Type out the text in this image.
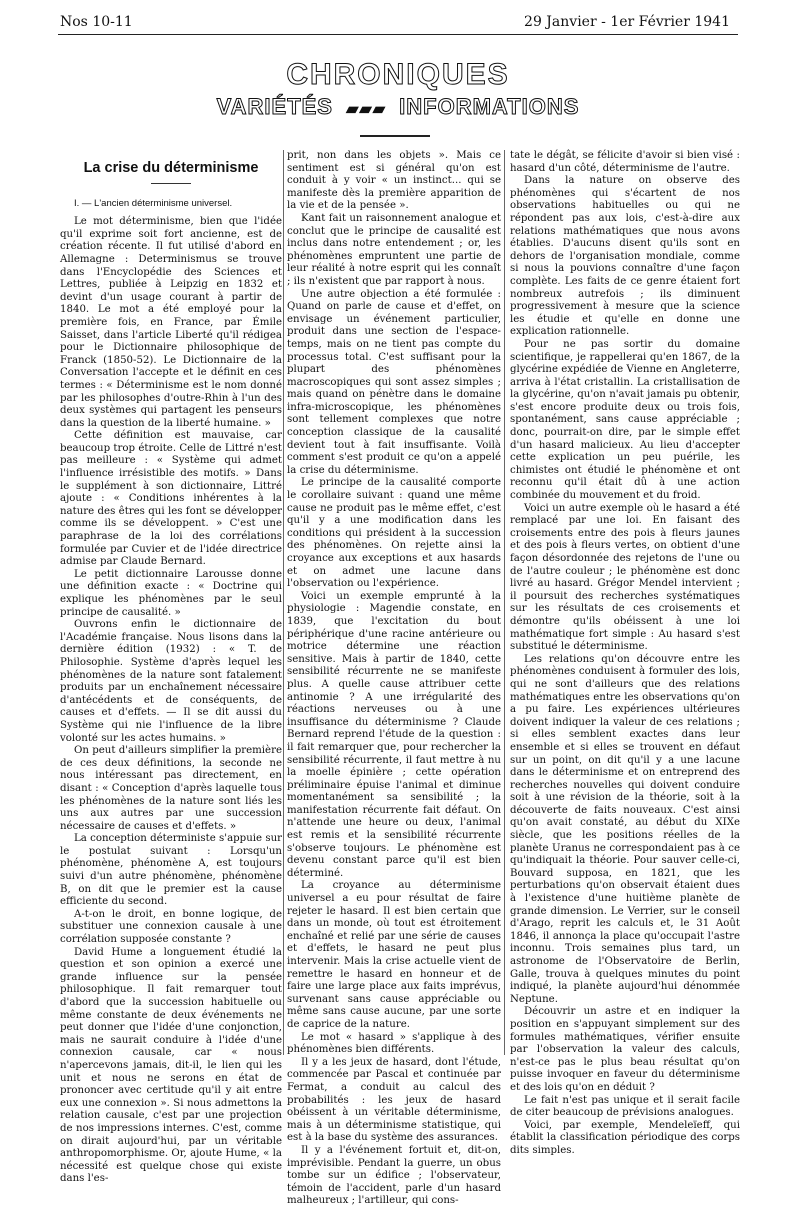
Nos 10-11	29 Janvier - 1er Février 1941
CHRONIQUES
VARIÉTÉS ▰▰▰ INFORMATIONS
La crise du déterminisme
I. — L'ancien déterminisme universel.

Le mot déterminisme, bien que l'idée qu'il exprime soit fort ancienne, est de création récente. Il fut utilisé d'abord en Allemagne : Determinismus se trouve dans l'Encyclopédie des Sciences et Lettres, publiée à Leipzig en 1832 et devint d'un usage courant à partir de 1840. Le mot a été employé pour la première fois, en France, par Émile Saisset, dans l'article Liberté qu'il rédigea pour le Dictionnaire philosophique de Franck (1850-52). Le Dictionnaire de la Conversation l'accepte et le définit en ces termes : « Déterminisme est le nom donné par les philosophes d'outre-Rhin à l'un des deux systèmes qui partagent les penseurs dans la question de la liberté humaine. »

Cette définition est mauvaise, car beaucoup trop étroite. Celle de Littré n'est pas meilleure : « Système qui admet l'influence irrésistible des motifs. » Dans le supplément à son dictionnaire, Littré ajoute : « Conditions inhérentes à la nature des êtres qui les font se développer comme ils se développent. » C'est une paraphrase de la loi des corrélations formulée par Cuvier et de l'idée directrice admise par Claude Bernard.

Le petit dictionnaire Larousse donne une définition exacte : « Doctrine qui explique les phénomènes par le seul principe de causalité. »

Ouvrons enfin le dictionnaire de l'Académie française. Nous lisons dans la dernière édition (1932) : « T. de Philosophie. Système d'après lequel les phénomènes de la nature sont fatalement produits par un enchaînement nécessaire d'antécédents et de conséquents, de causes et d'effets. — Il se dit aussi du Système qui nie l'influence de la libre volonté sur les actes humains. »

On peut d'ailleurs simplifier la première de ces deux définitions, la seconde ne nous intéressant pas directement, en disant : « Conception d'après laquelle tous les phénomènes de la nature sont liés les uns aux autres par une succession nécessaire de causes et d'effets. »

La conception déterministe s'appuie sur le postulat suivant : Lorsqu'un phénomène, phénomène A, est toujours suivi d'un autre phénomène, phénomène B, on dit que le premier est la cause efficiente du second.

A-t-on le droit, en bonne logique, de substituer une connexion causale à une corrélation supposée constante ?

David Hume a longuement étudié la question et son opinion a exercé une grande influence sur la pensée philosophique. Il fait remarquer tout d'abord que la succession habituelle ou même constante de deux événements ne peut donner que l'idée d'une conjonction, mais ne saurait conduire à l'idée d'une connexion causale, car « nous n'apercevons jamais, dit-il, le lien qui les unit et nous ne serons en état de prononcer avec certitude qu'il y ait entre eux une connexion ». Si nous admettons la relation causale, c'est par une projection de nos impressions internes. C'est, comme on dirait aujourd'hui, par un véritable anthropomorphisme. Or, ajoute Hume, « la nécessité est quelque chose qui existe dans l'es-

prit, non dans les objets ». Mais ce sentiment est si général qu'on est conduit à y voir « un instinct... qui se manifeste dès la première apparition de la vie et de la pensée ».

Kant fait un raisonnement analogue et conclut que le principe de causalité est inclus dans notre entendement ; or, les phénomènes empruntent une partie de leur réalité à notre esprit qui les connaît ; ils n'existent que par rapport à nous.

Une autre objection a été formulée : Quand on parle de cause et d'effet, on envisage un événement particulier, produit dans une section de l'espace-temps, mais on ne tient pas compte du processus total. C'est suffisant pour la plupart des phénomènes macroscopiques qui sont assez simples ; mais quand on pénètre dans le domaine infra-microscopique, les phénomènes sont tellement complexes que notre conception classique de la causalité devient tout à fait insuffisante. Voilà comment s'est produit ce qu'on a appelé la crise du déterminisme.

Le principe de la causalité comporte le corollaire suivant : quand une même cause ne produit pas le même effet, c'est qu'il y a une modification dans les conditions qui président à la succession des phénomènes. On rejette ainsi la croyance aux exceptions et aux hasards et on admet une lacune dans l'observation ou l'expérience.

Voici un exemple emprunté à la physiologie : Magendie constate, en 1839, que l'excitation du bout périphérique d'une racine antérieure ou motrice détermine une réaction sensitive. Mais à partir de 1840, cette sensibilité récurrente ne se manifeste plus. A quelle cause attribuer cette antinomie ? A une irrégularité des réactions nerveuses ou à une insuffisance du déterminisme ? Claude Bernard reprend l'étude de la question : il fait remarquer que, pour rechercher la sensibilité récurrente, il faut mettre à nu la moelle épinière ; cette opération préliminaire épuise l'animal et diminue momentanément sa sensibilité ; la manifestation récurrente fait défaut. On n'attende une heure ou deux, l'animal est remis et la sensibilité récurrente s'observe toujours. Le phénomène est devenu constant parce qu'il est bien déterminé.

La croyance au déterminisme universel a eu pour résultat de faire rejeter le hasard. Il est bien certain que dans un monde, où tout est étroitement enchaîné et relié par une série de causes et d'effets, le hasard ne peut plus intervenir. Mais la crise actuelle vient de remettre le hasard en honneur et de faire une large place aux faits imprévus, survenant sans cause appréciable ou même sans cause aucune, par une sorte de caprice de la nature.

Le mot « hasard » s'applique à des phénomènes bien différents.

Il y a les jeux de hasard, dont l'étude, commencée par Pascal et continuée par Fermat, a conduit au calcul des probabilités : les jeux de hasard obéissent à un véritable déterminisme, mais à un déterminisme statistique, qui est à la base du système des assurances.

Il y a l'événement fortuit et, dit-on, imprévisible. Pendant la guerre, un obus tombe sur un édifice ; l'observateur, témoin de l'accident, parle d'un hasard malheureux ; l'artilleur, qui cons-

tate le dégât, se félicite d'avoir si bien visé : hasard d'un côté, déterminisme de l'autre.

Dans la nature on observe des phénomènes qui s'écartent de nos observations habituelles ou qui ne répondent pas aux lois, c'est-à-dire aux relations mathématiques que nous avons établies. D'aucuns disent qu'ils sont en dehors de l'organisation mondiale, comme si nous la pouvions connaître d'une façon complète. Les faits de ce genre étaient fort nombreux autrefois ; ils diminuent progressivement à mesure que la science les étudie et qu'elle en donne une explication rationnelle.

Pour ne pas sortir du domaine scientifique, je rappellerai qu'en 1867, de la glycérine expédiée de Vienne en Angleterre, arriva à l'état cristallin. La cristallisation de la glycérine, qu'on n'avait jamais pu obtenir, s'est encore produite deux ou trois fois, spontanément, sans cause appréciable ; donc, pourrait-on dire, par le simple effet d'un hasard malicieux. Au lieu d'accepter cette explication un peu puérile, les chimistes ont étudié le phénomène et ont reconnu qu'il était dû à une action combinée du mouvement et du froid.

Voici un autre exemple où le hasard a été remplacé par une loi. En faisant des croisements entre des pois à fleurs jaunes et des pois à fleurs vertes, on obtient d'une façon désordonnée des rejetons de l'une ou de l'autre couleur ; le phénomène est donc livré au hasard. Grégor Mendel intervient ; il poursuit des recherches systématiques sur les résultats de ces croisements et démontre qu'ils obéissent à une loi mathématique fort simple : Au hasard s'est substitué le déterminisme.

Les relations qu'on découvre entre les phénomènes conduisent à formuler des lois, qui ne sont d'ailleurs que des relations mathématiques entre les observations qu'on a pu faire. Les expériences ultérieures doivent indiquer la valeur de ces relations ; si elles semblent exactes dans leur ensemble et si elles se trouvent en défaut sur un point, on dit qu'il y a une lacune dans le déterminisme et on entreprend des recherches nouvelles qui doivent conduire soit à une révision de la théorie, soit à la découverte de faits nouveaux. C'est ainsi qu'on avait constaté, au début du XIXe siècle, que les positions réelles de la planète Uranus ne correspondaient pas à ce qu'indiquait la théorie. Pour sauver celle-ci, Bouvard supposa, en 1821, que les perturbations qu'on observait étaient dues à l'existence d'une huitième planète de grande dimension. Le Verrier, sur le conseil d'Arago, reprit les calculs et, le 31 Août 1846, il annonça la place qu'occupait l'astre inconnu. Trois semaines plus tard, un astronome de l'Observatoire de Berlin, Galle, trouva à quelques minutes du point indiqué, la planète aujourd'hui dénommée Neptune.

Découvrir un astre et en indiquer la position en s'appuyant simplement sur des formules mathématiques, vérifier ensuite par l'observation la valeur des calculs, n'est-ce pas le plus beau résultat qu'on puisse invoquer en faveur du déterminisme et des lois qu'on en déduit ?

Le fait n'est pas unique et il serait facile de citer beaucoup de prévisions analogues.

Voici, par exemple, Mendeleïeff, qui établit la classification périodique des corps dits simples.
